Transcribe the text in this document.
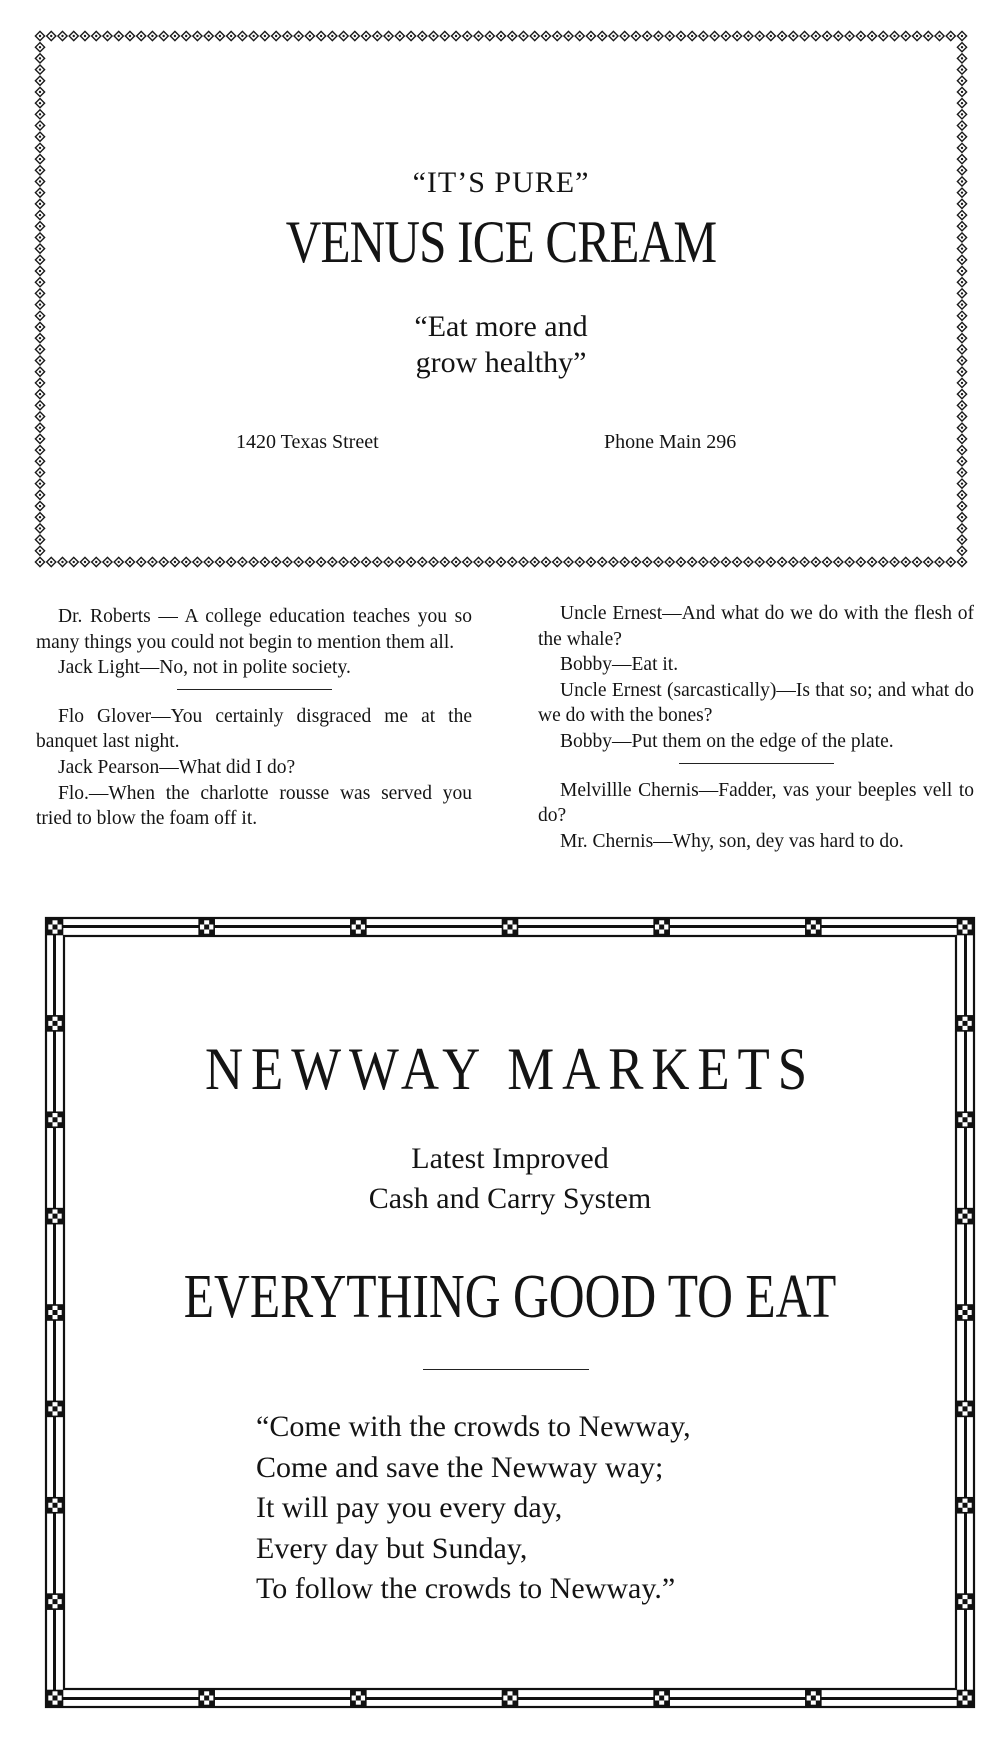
“IT’S PURE”
VENUS ICE CREAM
“Eat more and
grow healthy”
1420 Texas Street	Phone Main 296

Dr. Roberts — A college education teaches you so many things you could not begin to mention them all.

Jack Light—No, not in polite society.

Flo Glover—You certainly disgraced me at the banquet last night.

Jack Pearson—What did I do?

Flo.—When the charlotte rousse was served you tried to blow the foam off it.

Uncle Ernest—And what do we do with the flesh of the whale?

Bobby—Eat it.

Uncle Ernest (sarcastically)—Is that so; and what do we do with the bones?

Bobby—Put them on the edge of the plate.

Melvillle Chernis—Fadder, vas your beeples vell to do?

Mr. Chernis—Why, son, dey vas hard to do.

NEWWAY MARKETS
Latest Improved
Cash and Carry System
EVERYTHING GOOD TO EAT
“Come with the crowds to Newway,
Come and save the Newway way;
It will pay you every day,
Every day but Sunday,
To follow the crowds to Newway.”
